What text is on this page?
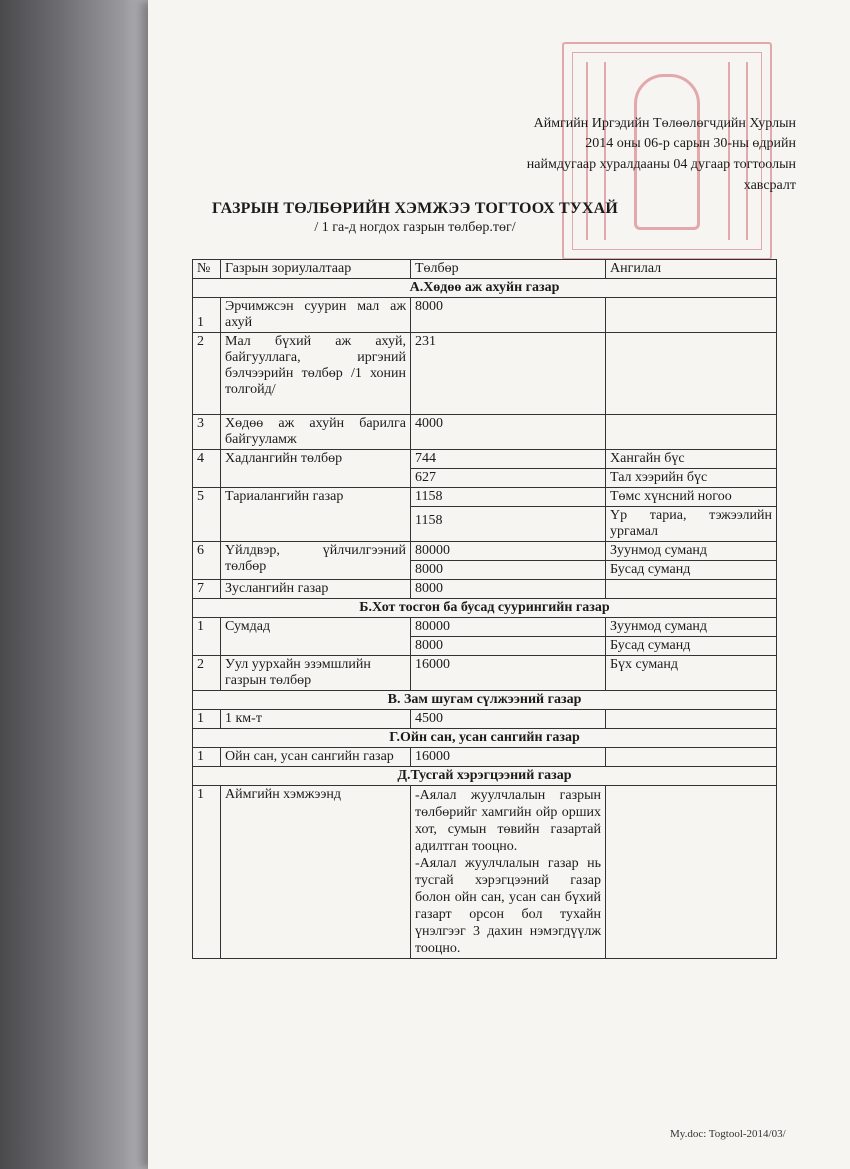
Аймгийн Иргэдийн Төлөөлөгчдийн Хурлын
2014 оны 06-р сарын 30-ны өдрийн
наймдугаар хуралдааны 04 дугаар тогтоолын
хавсралт
ГАЗРЫН ТӨЛБӨРИЙН ХЭМЖЭЭ ТОГТООХ ТУХАЙ
/ 1 га-д ногдох газрын төлбөр.төг/
№	Газрын зориулалтаар	Төлбөр	Ангилал
А.Хөдөө аж ахуйн газар			
1	Эрчимжсэн суурин мал аж ахуй	8000	
2	Мал бүхий аж ахуй, байгууллага, иргэний бэлчээрийн төлбөр /1 хонин толгойд/	231	
3	Хөдөө аж ахуйн барилга байгууламж	4000	
4	Хадлангийн төлбөр	744	Хангайн бүс
		627	Тал хээрийн бүс
5	Тариалангийн газар	1158	Төмс хүнсний ногоо
		1158	Үр тариа, тэжээлийн ургамал
6	Үйлдвэр, үйлчилгээний төлбөр	80000	Зуунмод суманд
		8000	Бусад суманд
7	Зуслангийн газар	8000	
Б.Хот тосгон ба бусад суурингийн газар			
1	Сумдад	80000	Зуунмод суманд
		8000	Бусад суманд
2	Уул уурхайн эзэмшлийн газрын төлбөр	16000	Бүх суманд
В. Зам шугам сүлжээний газар			
1	1 км-т	4500	
Г.Ойн сан, усан сангийн газар			
1	Ойн сан, усан сангийн газар	16000	
Д.Тусгай хэрэгцээний газар			
1	Аймгийн хэмжээнд	-Аялал жуулчлалын газрын төлбөрийг хамгийн ойр орших хот, сумын төвийн газартай адилтган тооцно.
-Аялал жуулчлалын газар нь тусгай хэрэгцээний газар болон ойн сан, усан сан бүхий газарт орсон бол тухайн үнэлгээг 3 дахин нэмэгдүүлж тооцно.	

My.doc: Togtool-2014/03/
